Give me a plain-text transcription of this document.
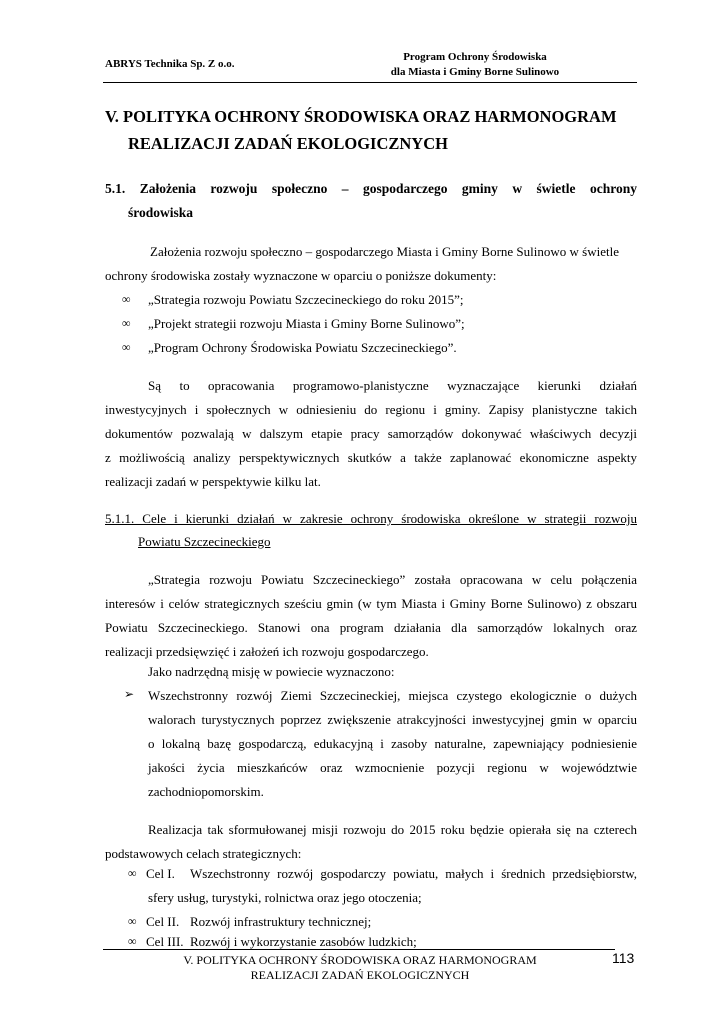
ABRYS Technika Sp. Z o.o.
Program Ochrony Środowiska
dla Miasta i Gminy Borne Sulinowo
V. POLITYKA OCHRONY ŚRODOWISKA ORAZ HARMONOGRAM
REALIZACJI ZADAŃ EKOLOGICZNYCH
5.1. Założenia rozwoju społeczno – gospodarczego gminy w świetle ochrony
środowiska
Założenia rozwoju społeczno – gospodarczego Miasta i Gminy Borne Sulinowo w świetle
ochrony środowiska zostały wyznaczone w oparciu o poniższe dokumenty:
∞ „Strategia rozwoju Powiatu Szczecineckiego do roku 2015”;
∞ „Projekt strategii rozwoju Miasta i Gminy Borne Sulinowo”;
∞ „Program Ochrony Środowiska Powiatu Szczecineckiego”.
Są to opracowania programowo-planistyczne wyznaczające kierunki działań
inwestycyjnych i społecznych w odniesieniu do regionu i gminy. Zapisy planistyczne takich
dokumentów pozwalają w dalszym etapie pracy samorządów dokonywać właściwych decyzji
z możliwością analizy perspektywicznych skutków a także zaplanować ekonomiczne aspekty
realizacji zadań w perspektywie kilku lat.
5.1.1. Cele i kierunki działań w zakresie ochrony środowiska określone w strategii rozwoju
Powiatu Szczecineckiego
„Strategia rozwoju Powiatu Szczecineckiego” została opracowana w celu połączenia
interesów i celów strategicznych sześciu gmin (w tym Miasta i Gminy Borne Sulinowo) z obszaru
Powiatu Szczecineckiego. Stanowi ona program działania dla samorządów lokalnych oraz
realizacji przedsięwzięć i założeń ich rozwoju gospodarczego.
Jako nadrzędną misję w powiecie wyznaczono:
➢ Wszechstronny rozwój Ziemi Szczecineckiej, miejsca czystego ekologicznie o dużych
walorach turystycznych poprzez zwiększenie atrakcyjności inwestycyjnej gmin w oparciu
o lokalną bazę gospodarczą, edukacyjną i zasoby naturalne, zapewniający podniesienie
jakości życia mieszkańców oraz wzmocnienie pozycji regionu w województwie
zachodniopomorskim.
Realizacja tak sformułowanej misji rozwoju do 2015 roku będzie opierała się na czterech
podstawowych celach strategicznych:
∞ Cel I. Wszechstronny rozwój gospodarczy powiatu, małych i średnich przedsiębiorstw,
sfery usług, turystyki, rolnictwa oraz jego otoczenia;
∞ Cel II. Rozwój infrastruktury technicznej;
∞ Cel III. Rozwój i wykorzystanie zasobów ludzkich;
V. POLITYKA OCHRONY ŚRODOWISKA ORAZ HARMONOGRAM
REALIZACJI ZADAŃ EKOLOGICZNYCH
113
